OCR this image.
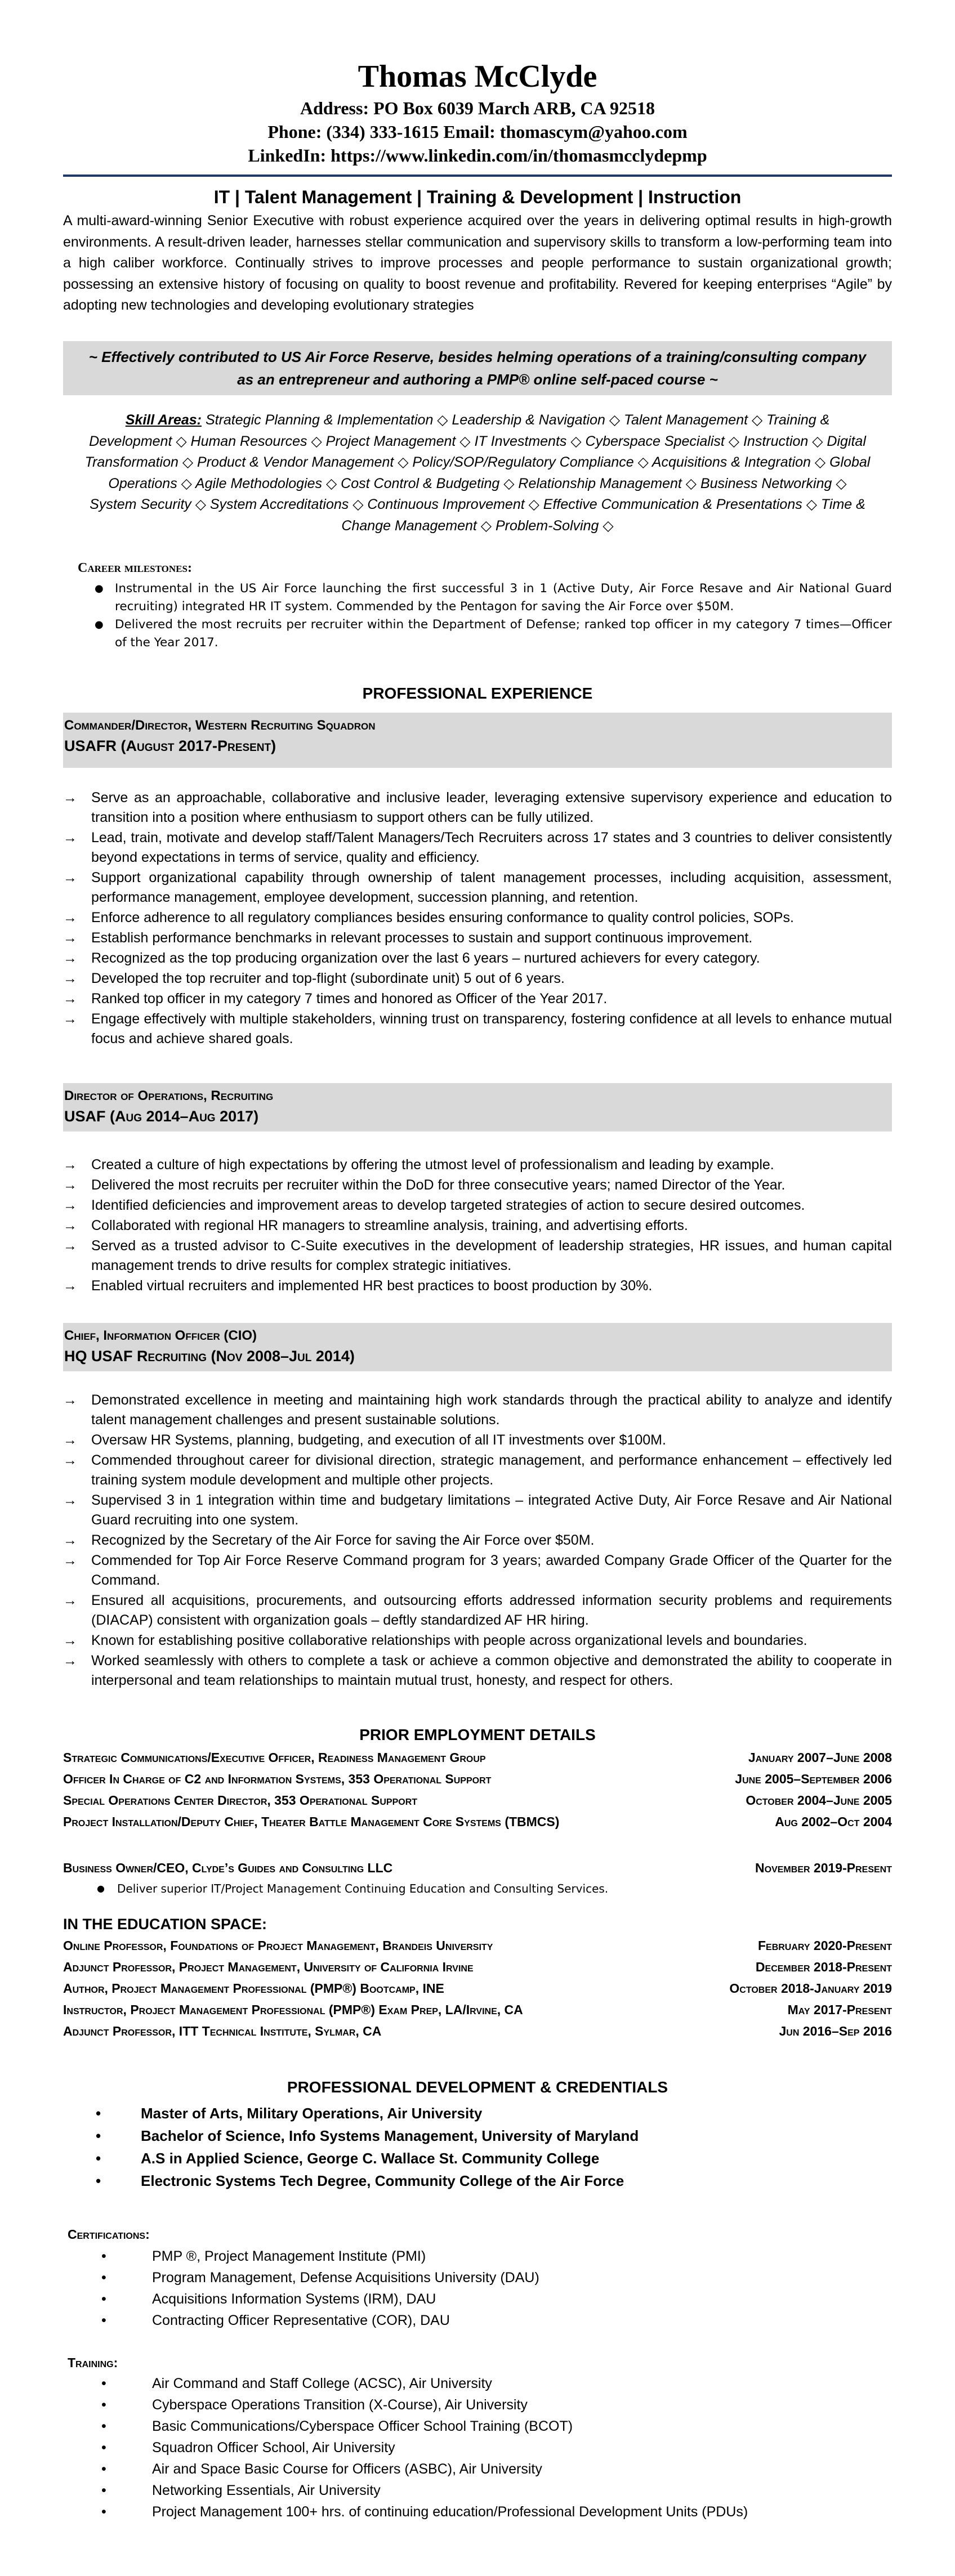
Thomas McClyde
Address: PO Box 6039 March ARB, CA 92518
Phone: (334) 333-1615 Email: thomascym@yahoo.com
LinkedIn: https://www.linkedin.com/in/thomasmcclydepmp
IT | Talent Management | Training & Development | Instruction
A multi-award-winning Senior Executive with robust experience acquired over the years in delivering optimal results in high-growth environments. A result-driven leader, harnesses stellar communication and supervisory skills to transform a low-performing team into a high caliber workforce. Continually strives to improve processes and people performance to sustain organizational growth; possessing an extensive history of focusing on quality to boost revenue and profitability. Revered for keeping enterprises “Agile” by adopting new technologies and developing evolutionary strategies
~ Effectively contributed to US Air Force Reserve, besides helming operations of a training/consulting company
as an entrepreneur and authoring a PMP® online self-paced course ~
Skill Areas: Strategic Planning & Implementation ◇ Leadership & Navigation ◇ Talent Management ◇ Training & Development ◇ Human Resources ◇ Project Management ◇ IT Investments ◇ Cyberspace Specialist ◇ Instruction ◇ Digital Transformation ◇ Product & Vendor Management ◇ Policy/SOP/Regulatory Compliance ◇ Acquisitions & Integration ◇ Global Operations ◇ Agile Methodologies ◇ Cost Control & Budgeting ◇ Relationship Management ◇ Business Networking ◇ System Security ◇ System Accreditations ◇ Continuous Improvement ◇ Effective Communication & Presentations ◇ Time & Change Management ◇ Problem-Solving ◇
Career milestones:
● Instrumental in the US Air Force launching the first successful 3 in 1 (Active Duty, Air Force Resave and Air National Guard recruiting) integrated HR IT system. Commended by the Pentagon for saving the Air Force over $50M.
● Delivered the most recruits per recruiter within the Department of Defense; ranked top officer in my category 7 times—Officer of the Year 2017.
PROFESSIONAL EXPERIENCE
Commander/Director, Western Recruiting Squadron
USAFR (August 2017-Present)
→ Serve as an approachable, collaborative and inclusive leader, leveraging extensive supervisory experience and education to transition into a position where enthusiasm to support others can be fully utilized.
→ Lead, train, motivate and develop staff/Talent Managers/Tech Recruiters across 17 states and 3 countries to deliver consistently beyond expectations in terms of service, quality and efficiency.
→ Support organizational capability through ownership of talent management processes, including acquisition, assessment, performance management, employee development, succession planning, and retention.
→ Enforce adherence to all regulatory compliances besides ensuring conformance to quality control policies, SOPs.
→ Establish performance benchmarks in relevant processes to sustain and support continuous improvement.
→ Recognized as the top producing organization over the last 6 years – nurtured achievers for every category.
→ Developed the top recruiter and top-flight (subordinate unit) 5 out of 6 years.
→ Ranked top officer in my category 7 times and honored as Officer of the Year 2017.
→ Engage effectively with multiple stakeholders, winning trust on transparency, fostering confidence at all levels to enhance mutual focus and achieve shared goals.
Director of Operations, Recruiting
USAF (Aug 2014–Aug 2017)
→ Created a culture of high expectations by offering the utmost level of professionalism and leading by example.
→ Delivered the most recruits per recruiter within the DoD for three consecutive years; named Director of the Year.
→ Identified deficiencies and improvement areas to develop targeted strategies of action to secure desired outcomes.
→ Collaborated with regional HR managers to streamline analysis, training, and advertising efforts.
→ Served as a trusted advisor to C-Suite executives in the development of leadership strategies, HR issues, and human capital management trends to drive results for complex strategic initiatives.
→ Enabled virtual recruiters and implemented HR best practices to boost production by 30%.
Chief, Information Officer (CIO)
HQ USAF Recruiting (Nov 2008–Jul 2014)
→ Demonstrated excellence in meeting and maintaining high work standards through the practical ability to analyze and identify talent management challenges and present sustainable solutions.
→ Oversaw HR Systems, planning, budgeting, and execution of all IT investments over $100M.
→ Commended throughout career for divisional direction, strategic management, and performance enhancement – effectively led training system module development and multiple other projects.
→ Supervised 3 in 1 integration within time and budgetary limitations – integrated Active Duty, Air Force Resave and Air National Guard recruiting into one system.
→ Recognized by the Secretary of the Air Force for saving the Air Force over $50M.
→ Commended for Top Air Force Reserve Command program for 3 years; awarded Company Grade Officer of the Quarter for the Command.
→ Ensured all acquisitions, procurements, and outsourcing efforts addressed information security problems and requirements (DIACAP) consistent with organization goals – deftly standardized AF HR hiring.
→ Known for establishing positive collaborative relationships with people across organizational levels and boundaries.
→ Worked seamlessly with others to complete a task or achieve a common objective and demonstrated the ability to cooperate in interpersonal and team relationships to maintain mutual trust, honesty, and respect for others.
PRIOR EMPLOYMENT DETAILS
Strategic Communications/Executive Officer, Readiness Management Group	January 2007–June 2008
Officer In Charge of C2 and Information Systems, 353 Operational Support	June 2005–September 2006
Special Operations Center Director, 353 Operational Support	October 2004–June 2005
Project Installation/Deputy Chief, Theater Battle Management Core Systems (TBMCS)	Aug 2002–Oct 2004
Business Owner/CEO, Clyde’s Guides and Consulting LLC	November 2019-Present
● Deliver superior IT/Project Management Continuing Education and Consulting Services.
IN THE EDUCATION SPACE:
Online Professor, Foundations of Project Management, Brandeis University	February 2020-Present
Adjunct Professor, Project Management, University of California Irvine	December 2018-Present
Author, Project Management Professional (PMP®) Bootcamp, INE	October 2018-January 2019
Instructor, Project Management Professional (PMP®) Exam Prep, LA/Irvine, CA	May 2017-Present
Adjunct Professor, ITT Technical Institute, Sylmar, CA	Jun 2016–Sep 2016
PROFESSIONAL DEVELOPMENT & CREDENTIALS
•	Master of Arts, Military Operations, Air University
•	Bachelor of Science, Info Systems Management, University of Maryland
•	A.S in Applied Science, George C. Wallace St. Community College
•	Electronic Systems Tech Degree, Community College of the Air Force
Certifications:
•	PMP ®, Project Management Institute (PMI)
•	Program Management, Defense Acquisitions University (DAU)
•	Acquisitions Information Systems (IRM), DAU
•	Contracting Officer Representative (COR), DAU
Training:
•	Air Command and Staff College (ACSC), Air University
•	Cyberspace Operations Transition (X-Course), Air University
•	Basic Communications/Cyberspace Officer School Training (BCOT)
•	Squadron Officer School, Air University
•	Air and Space Basic Course for Officers (ASBC), Air University
•	Networking Essentials, Air University
•	Project Management 100+ hrs. of continuing education/Professional Development Units (PDUs)
